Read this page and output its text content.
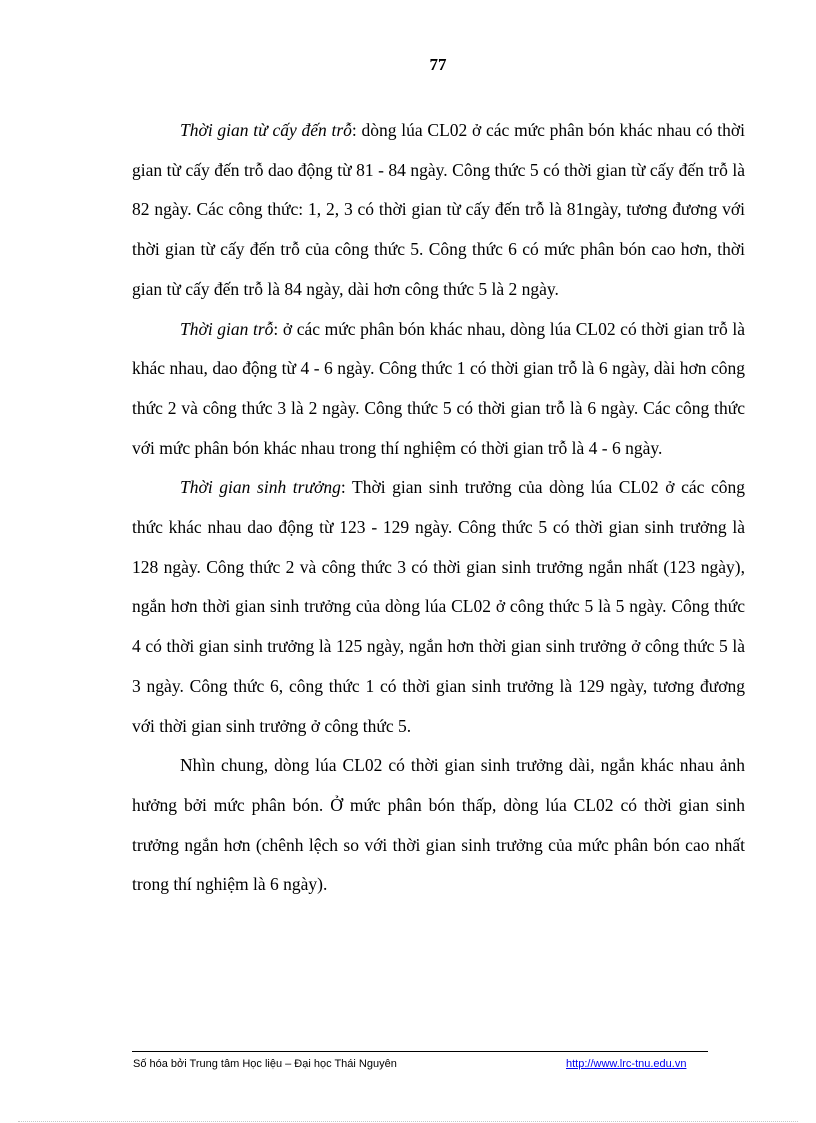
77

Thời gian từ cấy đến trỗ: dòng lúa CL02 ở các mức phân bón khác nhau có thời gian từ cấy đến trỗ dao động từ 81 - 84 ngày. Công thức 5 có thời gian từ cấy đến trỗ là 82 ngày. Các công thức: 1, 2, 3 có thời gian từ cấy đến trỗ là 81ngày, tương đương với thời gian từ cấy đến trỗ của công thức 5. Công thức 6 có mức phân bón cao hơn, thời gian từ cấy đến trỗ là 84 ngày, dài hơn công thức 5 là 2 ngày.

Thời gian trỗ: ở các mức phân bón khác nhau, dòng lúa CL02 có thời gian trỗ là khác nhau, dao động từ 4 - 6 ngày. Công thức 1 có thời gian trỗ là 6 ngày, dài hơn công thức 2 và công thức 3 là 2 ngày. Công thức 5 có thời gian trỗ là 6 ngày. Các công thức với mức phân bón khác nhau trong thí nghiệm có thời gian trỗ là 4 - 6 ngày.

Thời gian sinh trưởng: Thời gian sinh trưởng của dòng lúa CL02 ở các công thức khác nhau dao động từ 123 - 129 ngày. Công thức 5 có thời gian sinh trưởng là 128 ngày. Công thức 2 và công thức 3 có thời gian sinh trưởng ngắn nhất (123 ngày), ngắn hơn thời gian sinh trưởng của dòng lúa CL02 ở công thức 5 là 5 ngày. Công thức 4 có thời gian sinh trưởng là 125 ngày, ngắn hơn thời gian sinh trưởng ở công thức 5 là 3 ngày. Công thức 6, công thức 1 có thời gian sinh trưởng là 129 ngày, tương đương với thời gian sinh trưởng ở công thức 5.

Nhìn chung, dòng lúa CL02 có thời gian sinh trưởng dài, ngắn khác nhau ảnh hưởng bởi mức phân bón. Ở mức phân bón thấp, dòng lúa CL02 có thời gian sinh trưởng ngắn hơn (chênh lệch so với thời gian sinh trưởng của mức phân bón cao nhất trong thí nghiệm là 6 ngày).

Số hóa bởi Trung tâm Học liệu – Đại học Thái Nguyên	http://www.lrc-tnu.edu.vn
